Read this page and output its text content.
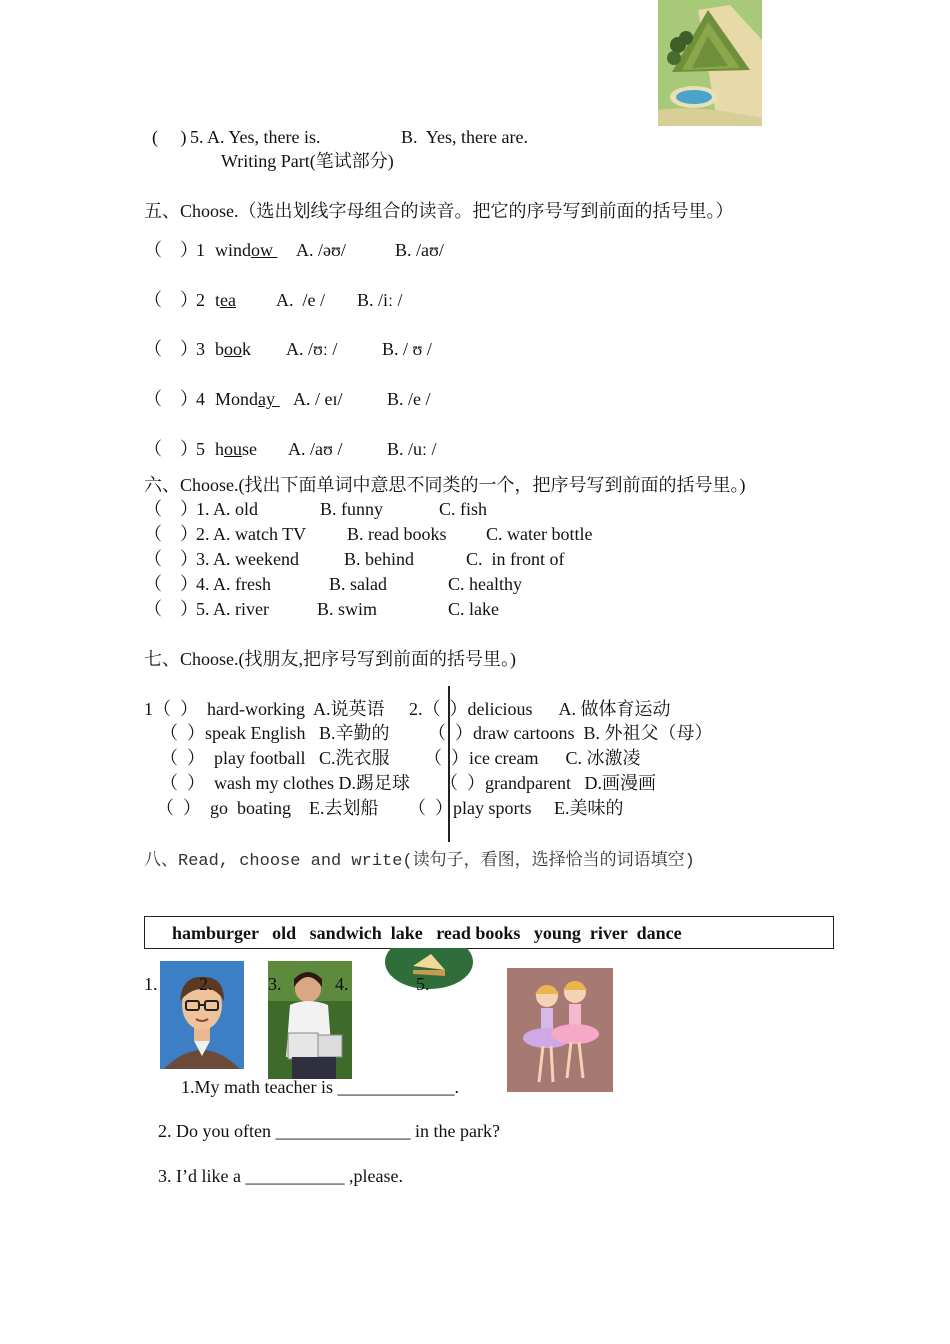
(     ) 5. A. Yes, there is.	B.  Yes, there are.
Writing Part(笔试部分)
五、Choose.（选出划线字母组合的读音。把它的序号写到前面的括号里。）
（    ）
1 window A. /əʊ/	B. /aʊ/
（    ）
2 tea A.  /e / B. /iː /
（    ）
3 book A. /ʊː / B. / ʊ /
（    ）
4 Monday A. / eɪ/ B. /e /
（    ）
5 house A. /aʊ / B. /uː /
六、Choose.(找出下面单词中意思不同类的一个，把序号写到前面的括号里。)
（    ）
1. A. old	B. funny	C. fish
（    ）
2. A. watch TV B. read books C. water bottle
（    ）
3. A. weekend	B. behind	C.  in front of
（    ）
4. A. fresh	B. salad	C. healthy
（    ）
5. A. river	B. swim	C. lake
七、Choose.(找朋友,把序号写到前面的括号里。)
1（  ）  hard-working  A.说英语
（  ）speak English   B.辛勤的
（  ）  play football   C.洗衣服
（  ）  wash my clothes D.踢足球
（  ）  go  boating    E.去划船
2.（  ）delicious      A. 做体育运动
（  ）draw cartoons  B. 外祖父（母）
（  ）ice cream      C. 冰激凌
（  ）grandparent   D.画漫画
（  ）play sports     E.美味的
八、Read, choose and write(读句子，看图，选择恰当的词语填空)
hamburger   old   sandwich  lake   read books   young  river  dance
1. 2.	3.	4.	5.
1.My math teacher is _____________.
2. Do you often _______________ in the park?
3. I’d like a ___________ ,please.
